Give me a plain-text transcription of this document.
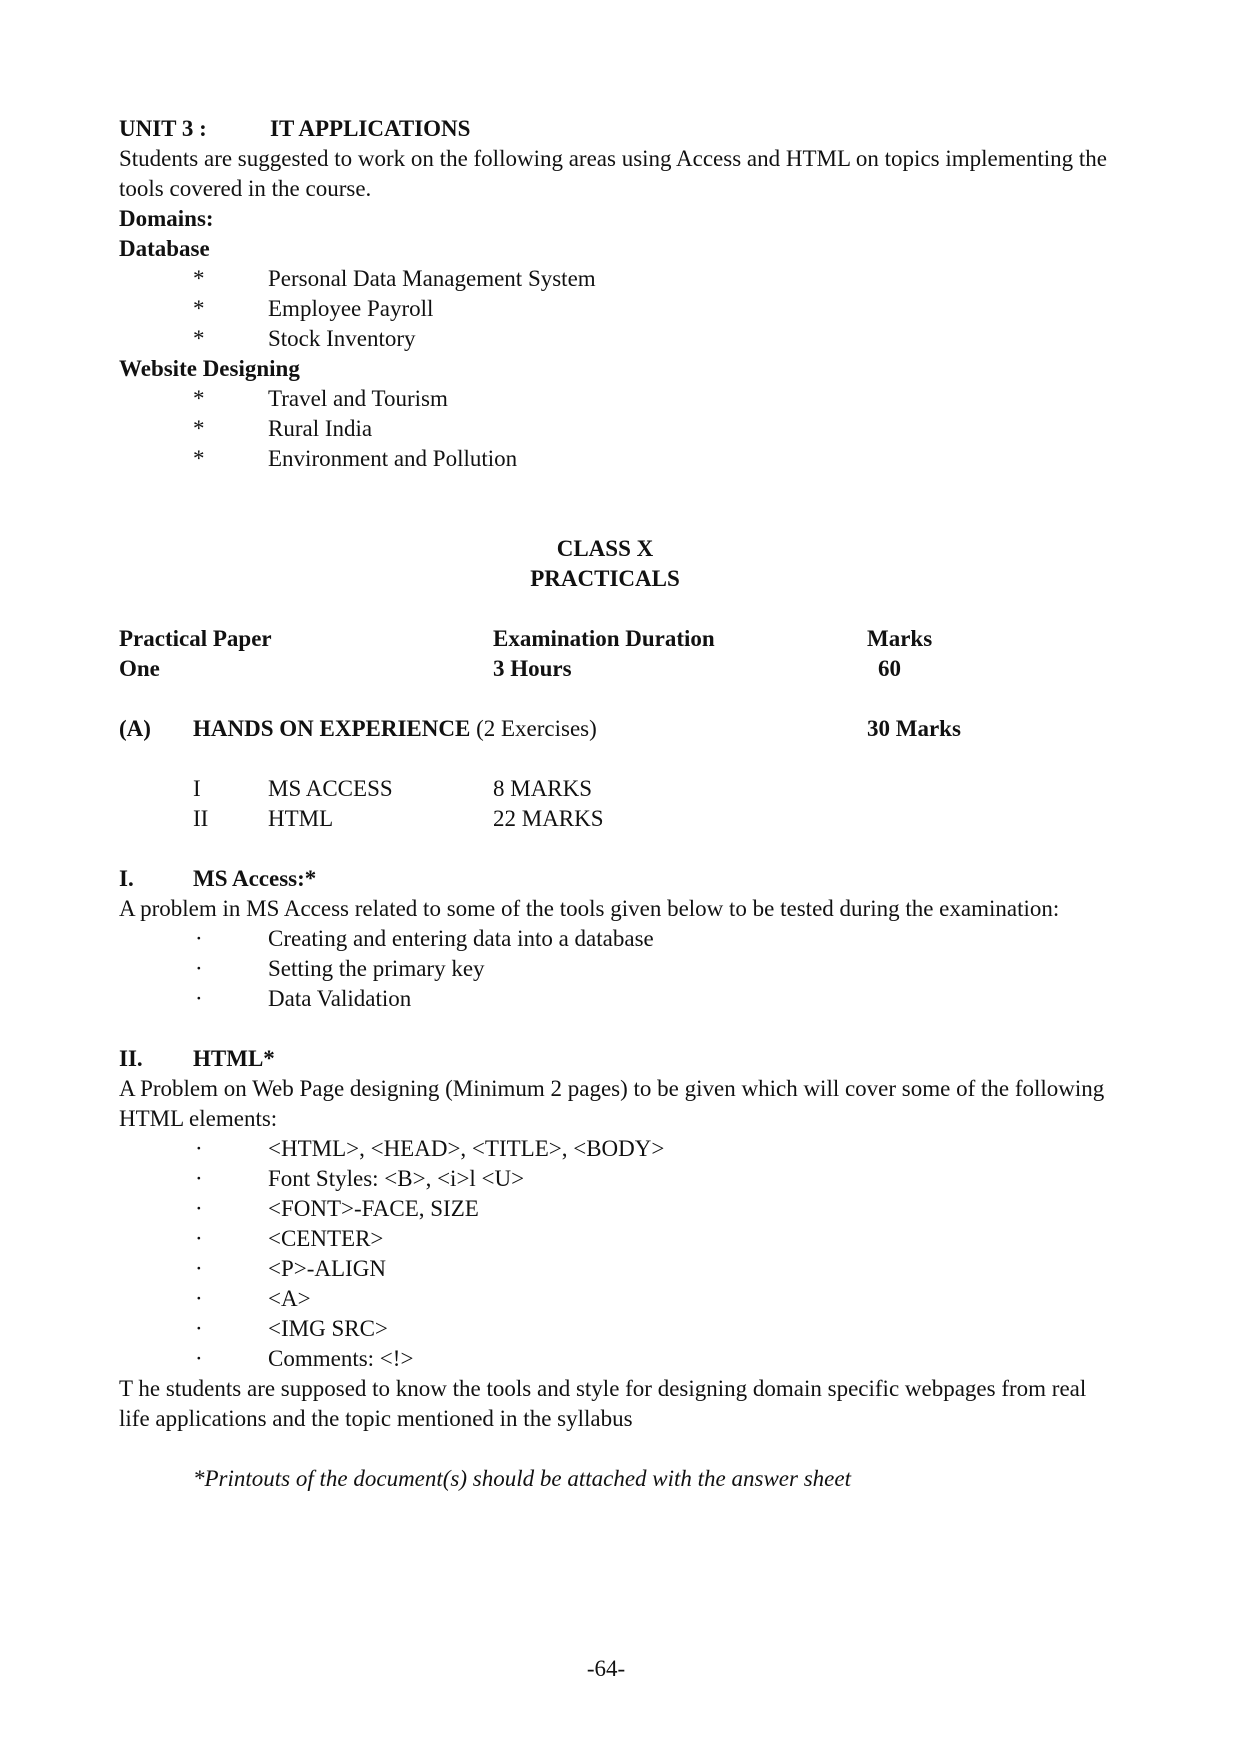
UNIT 3 :	IT APPLICATIONS
Students are suggested to work on the following areas using Access and HTML on topics implementing the tools covered in the course.
Domains:
Database
*	Personal Data Management System
*	Employee Payroll
*	Stock Inventory
Website Designing
*	Travel and Tourism
*	Rural India
*	Environment and Pollution
CLASS X
PRACTICALS
Practical Paper	Examination Duration	Marks
One	3 Hours	60
(A) HANDS ON EXPERIENCE (2 Exercises)	30 Marks
I	MS ACCESS	8 MARKS
II	HTML	22 MARKS
I.	MS Access:*
A problem in MS Access related to some of the tools given below to be tested during the examination:
·	Creating and entering data into a database
·	Setting the primary key
·	Data Validation
II. HTML*
A Problem on Web Page designing (Minimum 2 pages) to be given which will cover some of the following HTML elements:
·	<HTML>, <HEAD>, <TITLE>, <BODY>
·	Font Styles: <B>, <i>l <U>
·	<FONT>-FACE, SIZE
·	<CENTER>
·	<P>-ALIGN
·	<A>
·	<IMG SRC>
·	Comments: <!>
T he students are supposed to know the tools and style for designing domain specific webpages from real life applications and the topic mentioned in the syllabus
*Printouts of the document(s) should be attached with the answer sheet
-64-
